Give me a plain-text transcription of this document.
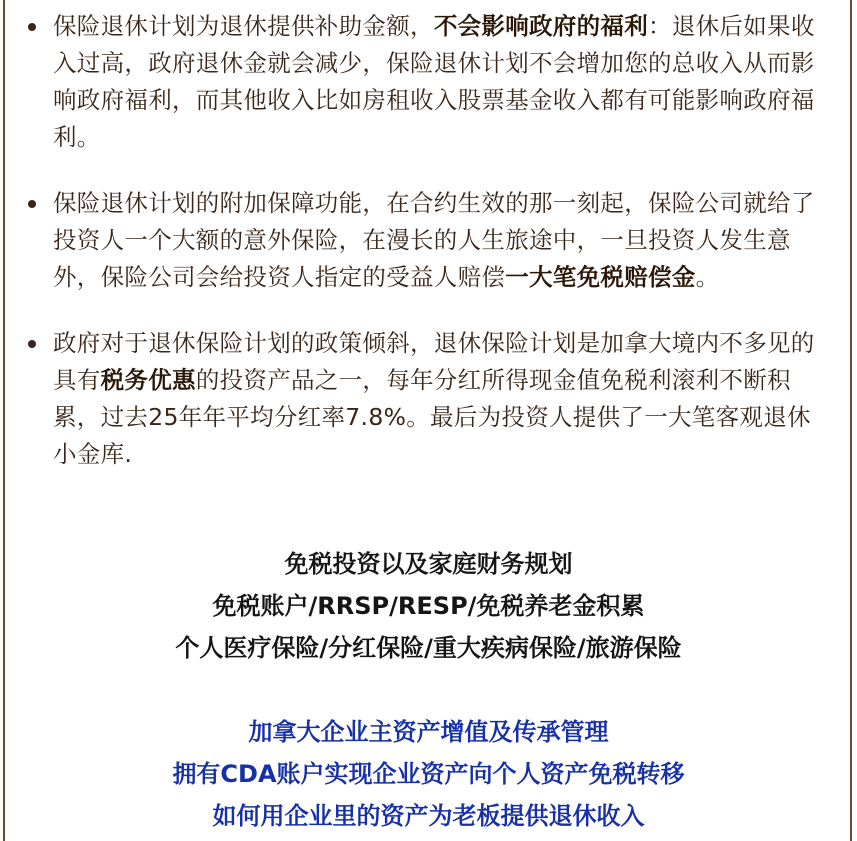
保险退休计划为退休提供补助金额，不会影响政府的福利：退休后如果收入过高，政府退休金就会减少，保险退休计划不会增加您的总收入从而影响政府福利，而其他收入比如房租收入股票基金收入都有可能影响政府福利。
保险退休计划的附加保障功能，在合约生效的那一刻起，保险公司就给了投资人一个大额的意外保险，在漫长的人生旅途中，一旦投资人发生意外，保险公司会给投资人指定的受益人赔偿一大笔免税赔偿金。
政府对于退休保险计划的政策倾斜，退休保险计划是加拿大境内不多见的具有税务优惠的投资产品之一，每年分红所得现金值免税利滚利不断积累，过去25年年平均分红率7.8%。最后为投资人提供了一大笔客观退休小金库.
免税投资以及家庭财务规划
免税账户/RRSP/RESP/免税养老金积累
个人医疗保险/分红保险/重大疾病保险/旅游保险
加拿大企业主资产增值及传承管理
拥有CDA账户实现企业资产向个人资产免税转移
如何用企业里的资产为老板提供退休收入
